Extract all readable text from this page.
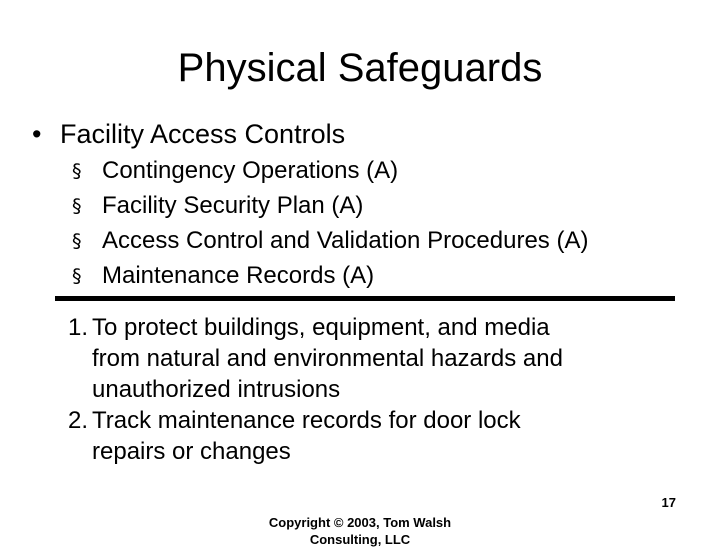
Physical Safeguards
• Facility Access Controls
§ Contingency Operations (A)
§ Facility Security Plan (A)
§ Access Control and Validation Procedures (A)
§ Maintenance Records (A)
1. To protect buildings, equipment, and media
from natural and environmental hazards and
unauthorized intrusions
2. Track maintenance records for door lock
repairs or changes
17
Copyright © 2003, Tom Walsh
Consulting, LLC
